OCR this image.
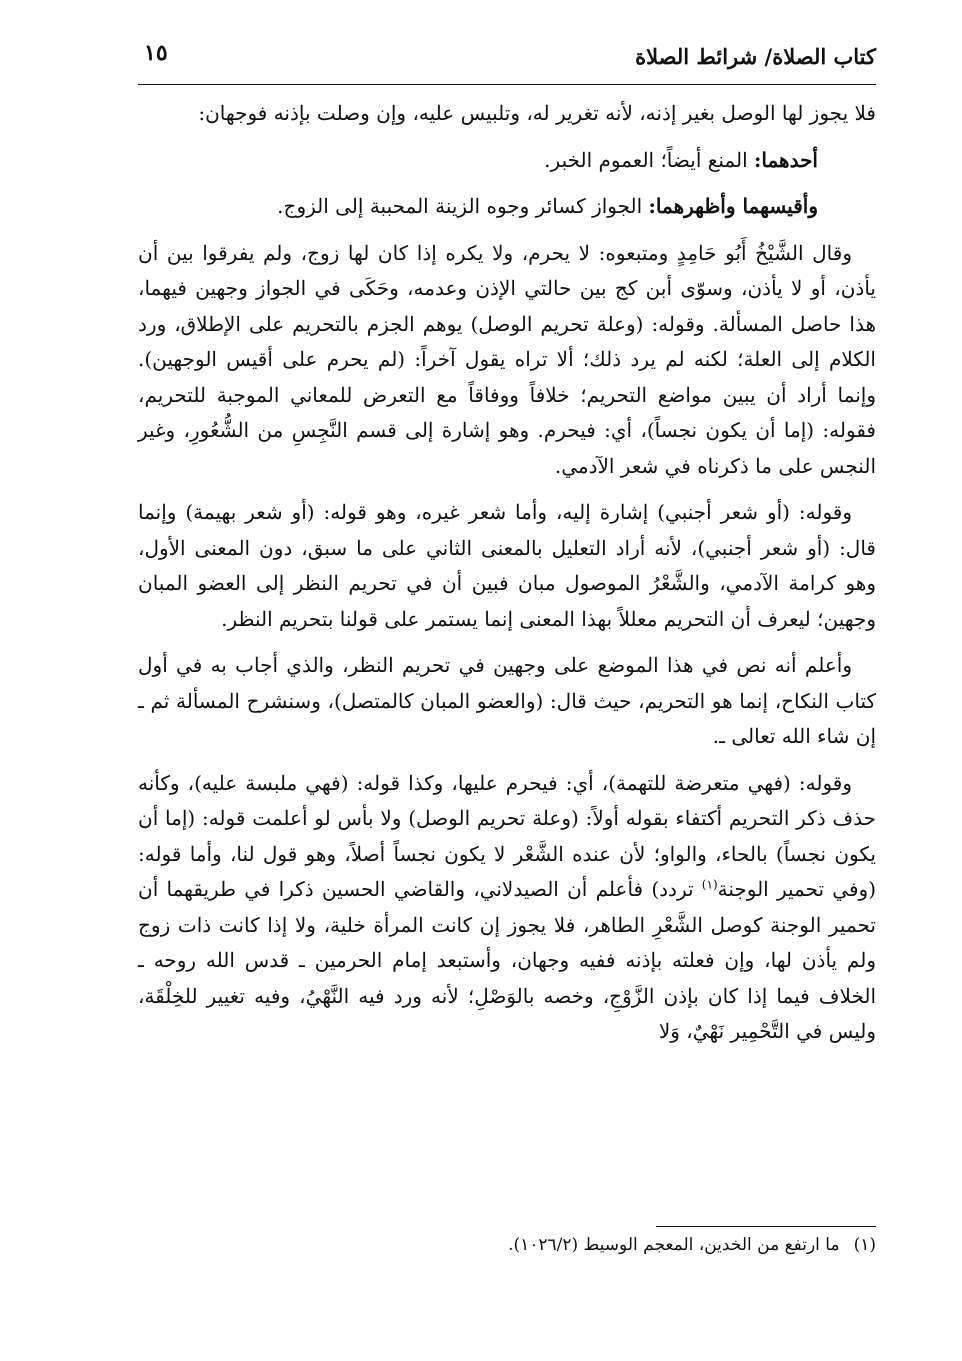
كتاب الصلاة/ شرائط الصلاة
١٥

فلا يجوز لها الوصل بغير إذنه، لأنه تغرير له، وتلبيس عليه، وإن وصلت بإذنه فوجهان:

أحدهما: المنع أيضاً؛ العموم الخبر.

وأقيسهما وأظهرهما: الجواز كسائر وجوه الزينة المحببة إلى الزوج.

وقال الشَّيْخُ أَبُو حَامِدٍ ومتبعوه: لا يحرم، ولا يكره إذا كان لها زوج، ولم يفرقوا بين أن يأذن، أو لا يأذن، وسوّى أبن كج بين حالتي الإذن وعدمه، وحَكَى في الجواز وجهين فيهما، هذا حاصل المسألة. وقوله: (وعلة تحريم الوصل) يوهم الجزم بالتحريم على الإطلاق، ورد الكلام إلى العلة؛ لكنه لم يرد ذلك؛ ألا تراه يقول آخراً: (لم يحرم على أقيس الوجهين). وإنما أراد أن يبين مواضع التحريم؛ خلافاً ووفاقاً مع التعرض للمعاني الموجبة للتحريم، فقوله: (إما أن يكون نجساً)، أي: فيحرم. وهو إشارة إلى قسم النَّجِسِ من الشُّعُورِ، وغير النجس على ما ذكرناه في شعر الآدمي.

وقوله: (أو شعر أجنبي) إشارة إليه، وأما شعر غيره، وهو قوله: (أو شعر بهيمة) وإنما قال: (أو شعر أجنبي)، لأنه أراد التعليل بالمعنى الثاني على ما سبق، دون المعنى الأول، وهو كرامة الآدمي، والشَّعْرُ الموصول مبان فبين أن في تحريم النظر إلى العضو المبان وجهين؛ ليعرف أن التحريم معللاً بهذا المعنى إنما يستمر على قولنا بتحريم النظر.

وأعلم أنه نص في هذا الموضع على وجهين في تحريم النظر، والذي أجاب به في أول كتاب النكاح، إنما هو التحريم، حيث قال: (والعضو المبان كالمتصل)، وسنشرح المسألة ثم ـ إن شاء الله تعالى ـ.

وقوله: (فهي متعرضة للتهمة)، أي: فيحرم عليها، وكذا قوله: (فهي ملبسة عليه)، وكأنه حذف ذكر التحريم أكتفاء بقوله أولاً: (وعلة تحريم الوصل) ولا بأس لو أعلمت قوله: (إما أن يكون نجساً) بالحاء، والواو؛ لأن عنده الشَّعْر لا يكون نجساً أصلاً، وهو قول لنا، وأما قوله: (وفي تحمير الوجنة$^{(١)}$ تردد) فأعلم أن الصيدلاني، والقاضي الحسين ذكرا في طريقهما أن تحمير الوجنة كوصل الشَّعْرِ الطاهر، فلا يجوز إن كانت المرأة خلية، ولا إذا كانت ذات زوج ولم يأذن لها، وإن فعلته بإذنه ففيه وجهان، وأستبعد إمام الحرمين ـ قدس الله روحه ـ الخلاف فيما إذا كان بإذن الزَّوْجِ، وخصه بالوَصْلِ؛ لأنه ورد فيه النَّهْيُ، وفيه تغيير للخِلْقَة، وليس في التَّحْمِير نَهْيٌ، وَلا

(١)ما ارتفع من الخدين، المعجم الوسيط (١٠٢٦/٢).
